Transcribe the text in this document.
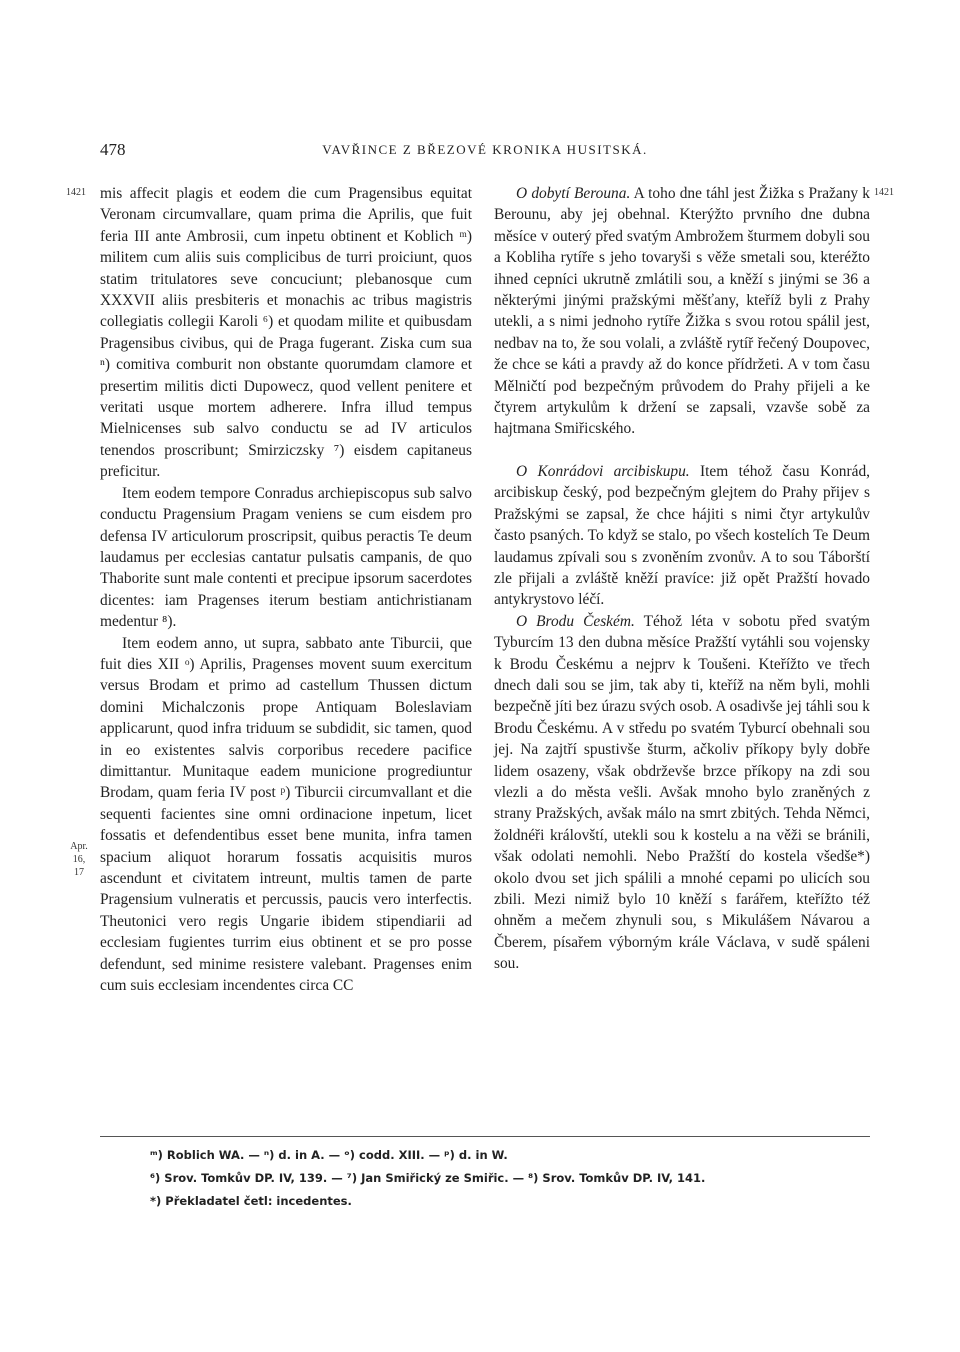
478	VAVŘINCE Z BŘEZOVÉ KRONIKA HUSITSKÁ.
1421	1421
Apr.
16,
17

mis affecit plagis et eodem die cum Pragensibus equitat Veronam circumvallare, quam prima die Aprilis, que fuit feria III ante Ambrosii, cum inpetu obtinent et Koblich ᵐ) militem cum aliis suis complicibus de turri proiciunt, quos statim tritulatores seve concuciunt; plebanosque cum XXXVII aliis presbiteris et monachis ac tribus magistris collegiatis collegii Karoli ⁶) et quodam milite et quibusdam Pragensibus civibus, qui de Praga fugerant. Ziska cum sua ⁿ) comitiva comburit non obstante quorumdam clamore et presertim militis dicti Dupowecz, quod vellent penitere et veritati usque mortem adherere. Infra illud tempus Mielnicenses sub salvo conductu se ad IV articulos tenendos proscribunt; Smirziczsky ⁷) eisdem capitaneus preficitur.

Item eodem tempore Conradus archiepiscopus sub salvo conductu Pragensium Pragam veniens se cum eisdem pro defensa IV articulorum proscripsit, quibus peractis Te deum laudamus per ecclesias cantatur pulsatis campanis, de quo Thaborite sunt male contenti et precipue ipsorum sacerdotes dicentes: iam Pragenses iterum bestiam antichristianam medentur ⁸).

Item eodem anno, ut supra, sabbato ante Tiburcii, que fuit dies XII ᵒ) Aprilis, Pragenses movent suum exercitum versus Brodam et primo ad castellum Thussen dictum domini Michalczonis prope Antiquam Boleslaviam applicarunt, quod infra triduum se subdidit, sic tamen, quod in eo existentes salvis corporibus recedere pacifice dimittantur. Munitaque eadem municione progrediuntur Brodam, quam feria IV post ᵖ) Tiburcii circumvallant et die sequenti facientes sine omni ordinacione inpetum, licet fossatis et defendentibus esset bene munita, infra tamen spacium aliquot horarum fossatis acquisitis muros ascendunt et civitatem intreunt, multis tamen de parte Pragensium vulneratis et percussis, paucis vero interfectis. Theutonici vero regis Ungarie ibidem stipendiarii ad ecclesiam fugientes turrim eius obtinent et se pro posse defendunt, sed minime resistere valebant. Pragenses enim cum suis ecclesiam incendentes circa CC

O dobytí Berouna. A toho dne táhl jest Žižka s Pražany k Berounu, aby jej obehnal. Kterýžto prvního dne dubna měsíce v outerý před svatým Ambrožem šturmem dobyli sou a Kobliha rytíře s jeho tovaryši s věže smetali sou, kteréžto ihned cepníci ukrutně zmlátili sou, a kněží s jinými se 36 a některými jinými pražskými měšťany, kteříž byli z Prahy utekli, a s nimi jednoho rytíře Žižka s svou rotou spálil jest, nedbav na to, že sou volali, a zvláště rytíř řečený Doupovec, že chce se káti a pravdy až do konce přídržeti. A v tom času Mělničtí pod bezpečným průvodem do Prahy přijeli a ke čtyrem artykulům k držení se zapsali, vzavše sobě za hajtmana Smiřicského.

O Konrádovi arcibiskupu. Item téhož času Konrád, arcibiskup český, pod bezpečným glejtem do Prahy přijev s Pražskými se zapsal, že chce hájiti s nimi čtyr artykulův často psaných. To když se stalo, po všech kostelích Te Deum laudamus zpívali sou s zvoněním zvonův. A to sou Táborští zle přijali a zvláště kněží pravíce: již opět Pražští hovado antykrystovo léčí.

O Brodu Českém. Téhož léta v sobotu před svatým Tyburcím 13 den dubna měsíce Pražští vytáhli sou vojensky k Brodu Českému a nejprv k Toušeni. Kteřížto ve třech dnech dali sou se jim, tak aby ti, kteříž na něm byli, mohli bezpečně jíti bez úrazu svých osob. A osadivše jej táhli sou k Brodu Českému. A v středu po svatém Tyburcí obehnali sou jej. Na zajtří spustivše šturm, ačkoliv příkopy byly dobře lidem osazeny, však obdrževše brzce příkopy na zdi sou vlezli a do města vešli. Avšak mnoho bylo zraněných z strany Pražských, avšak málo na smrt zbitých. Tehda Němci, žoldnéři královští, utekli sou k kostelu a na věži se bránili, však odolati nemohli. Nebo Pražští do kostela všedše*) okolo dvou set jich spálili a mnohé cepami po ulicích sou zbili. Mezi nimiž bylo 10 kněží s farářem, kteřížto též ohněm a mečem zhynuli sou, s Mikulášem Návarou a Čberem, písařem výborným krále Václava, v sudě spáleni sou.

ᵐ) Roblich WA. — ⁿ) d. in A. — ᵒ) codd. XIII. — ᵖ) d. in W.
⁶) Srov. Tomkův DP. IV, 139. — ⁷) Jan Smiřický ze Smiřic. — ⁸) Srov. Tomkův DP. IV, 141.
*) Překladatel četl: incedentes.
